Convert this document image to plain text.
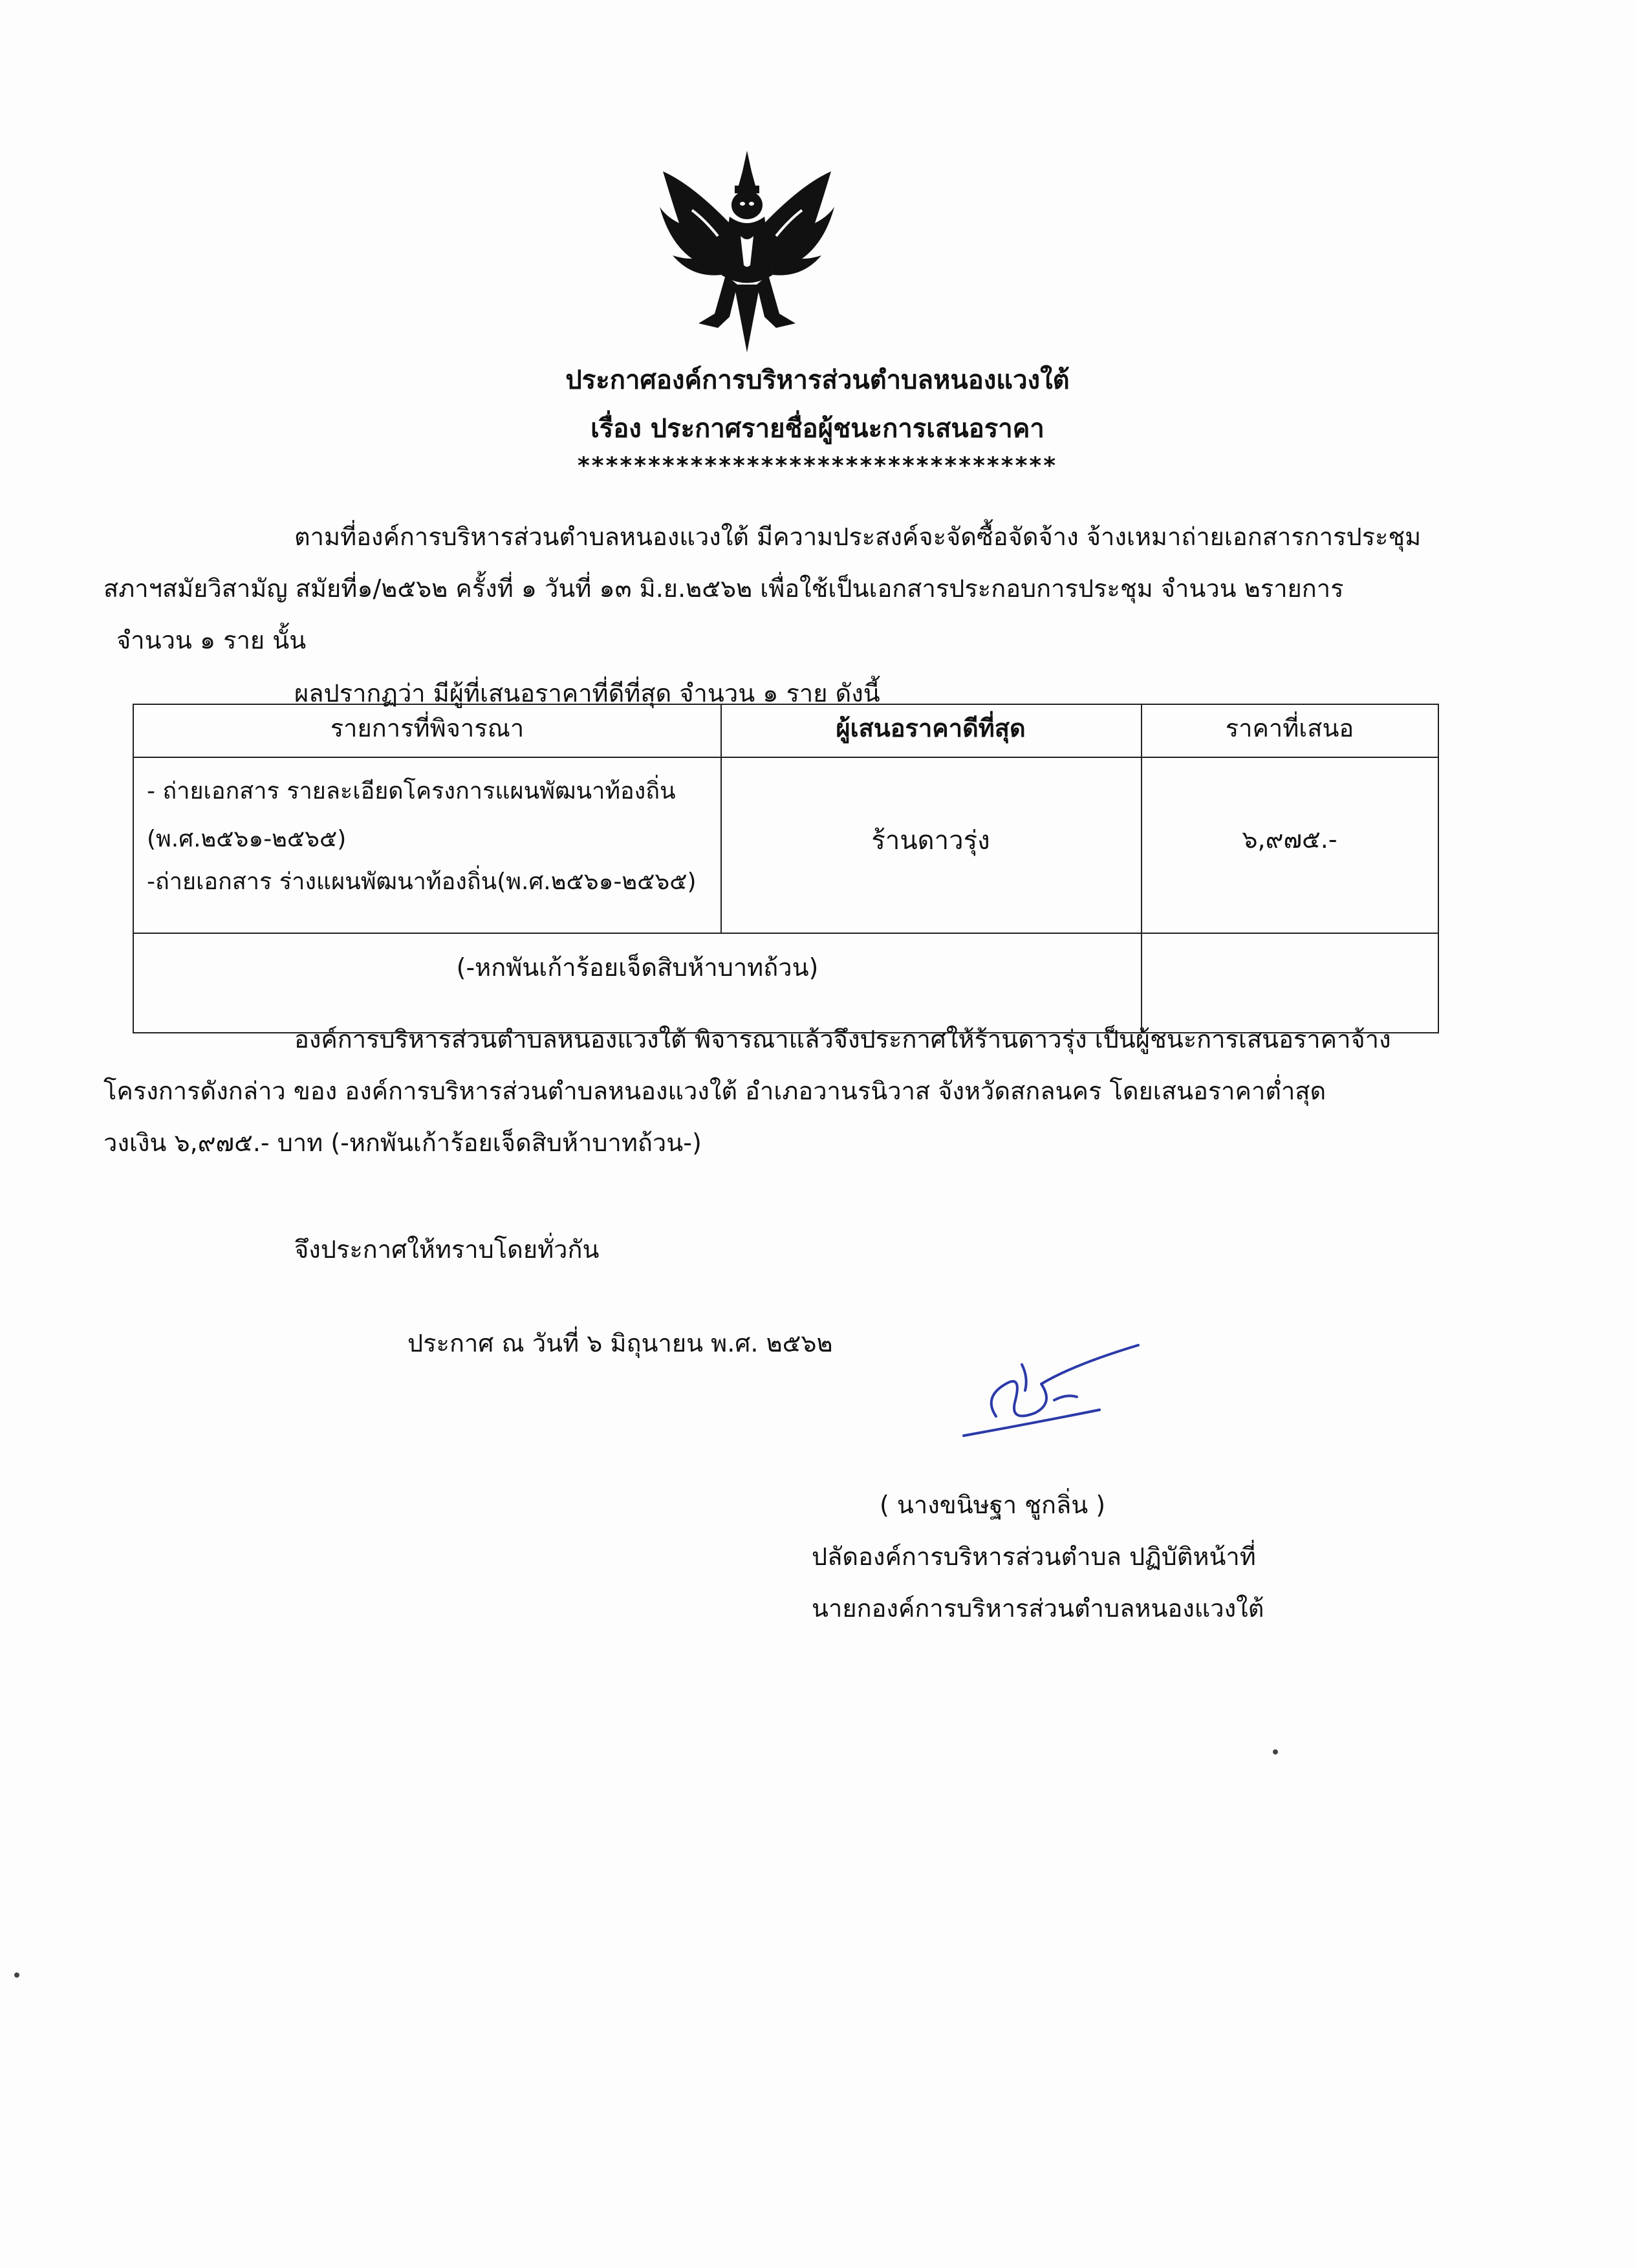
ประกาศองค์การบริหารส่วนตำบลหนองแวงใต้
เรื่อง ประกาศรายชื่อผู้ชนะการเสนอราคา
**********************************
ตามที่องค์การบริหารส่วนตำบลหนองแวงใต้ มีความประสงค์จะจัดซื้อจัดจ้าง จ้างเหมาถ่ายเอกสารการประชุม
สภาฯสมัยวิสามัญ สมัยที่๑/๒๕๖๒ ครั้งที่ ๑ วันที่ ๑๓ มิ.ย.๒๕๖๒ เพื่อใช้เป็นเอกสารประกอบการประชุม จำนวน ๒รายการ
จำนวน ๑ ราย นั้น
ผลปรากฏว่า มีผู้ที่เสนอราคาที่ดีที่สุด จำนวน ๑ ราย ดังนี้
รายการที่พิจารณา	ผู้เสนอราคาดีที่สุด	ราคาที่เสนอ
- ถ่ายเอกสาร รายละเอียดโครงการแผนพัฒนาท้องถิ่น
(พ.ศ.๒๕๖๑-๒๕๖๕)
-ถ่ายเอกสาร ร่างแผนพัฒนาท้องถิ่น(พ.ศ.๒๕๖๑-๒๕๖๕)
ร้านดาวรุ่ง	๖,๙๗๕.-
(-หกพันเก้าร้อยเจ็ดสิบห้าบาทถ้วน)
องค์การบริหารส่วนตำบลหนองแวงใต้ พิจารณาแล้วจึงประกาศให้ร้านดาวรุ่ง เป็นผู้ชนะการเสนอราคาจ้าง
โครงการดังกล่าว ของ องค์การบริหารส่วนตำบลหนองแวงใต้ อำเภอวานรนิวาส จังหวัดสกลนคร โดยเสนอราคาต่ำสุด
วงเงิน ๖,๙๗๕.- บาท (-หกพันเก้าร้อยเจ็ดสิบห้าบาทถ้วน-)
จึงประกาศให้ทราบโดยทั่วกัน
ประกาศ ณ วันที่ ๖ มิถุนายน พ.ศ. ๒๕๖๒
( นางขนิษฐา ชูกลิ่น )
ปลัดองค์การบริหารส่วนตำบล ปฏิบัติหน้าที่
นายกองค์การบริหารส่วนตำบลหนองแวงใต้
